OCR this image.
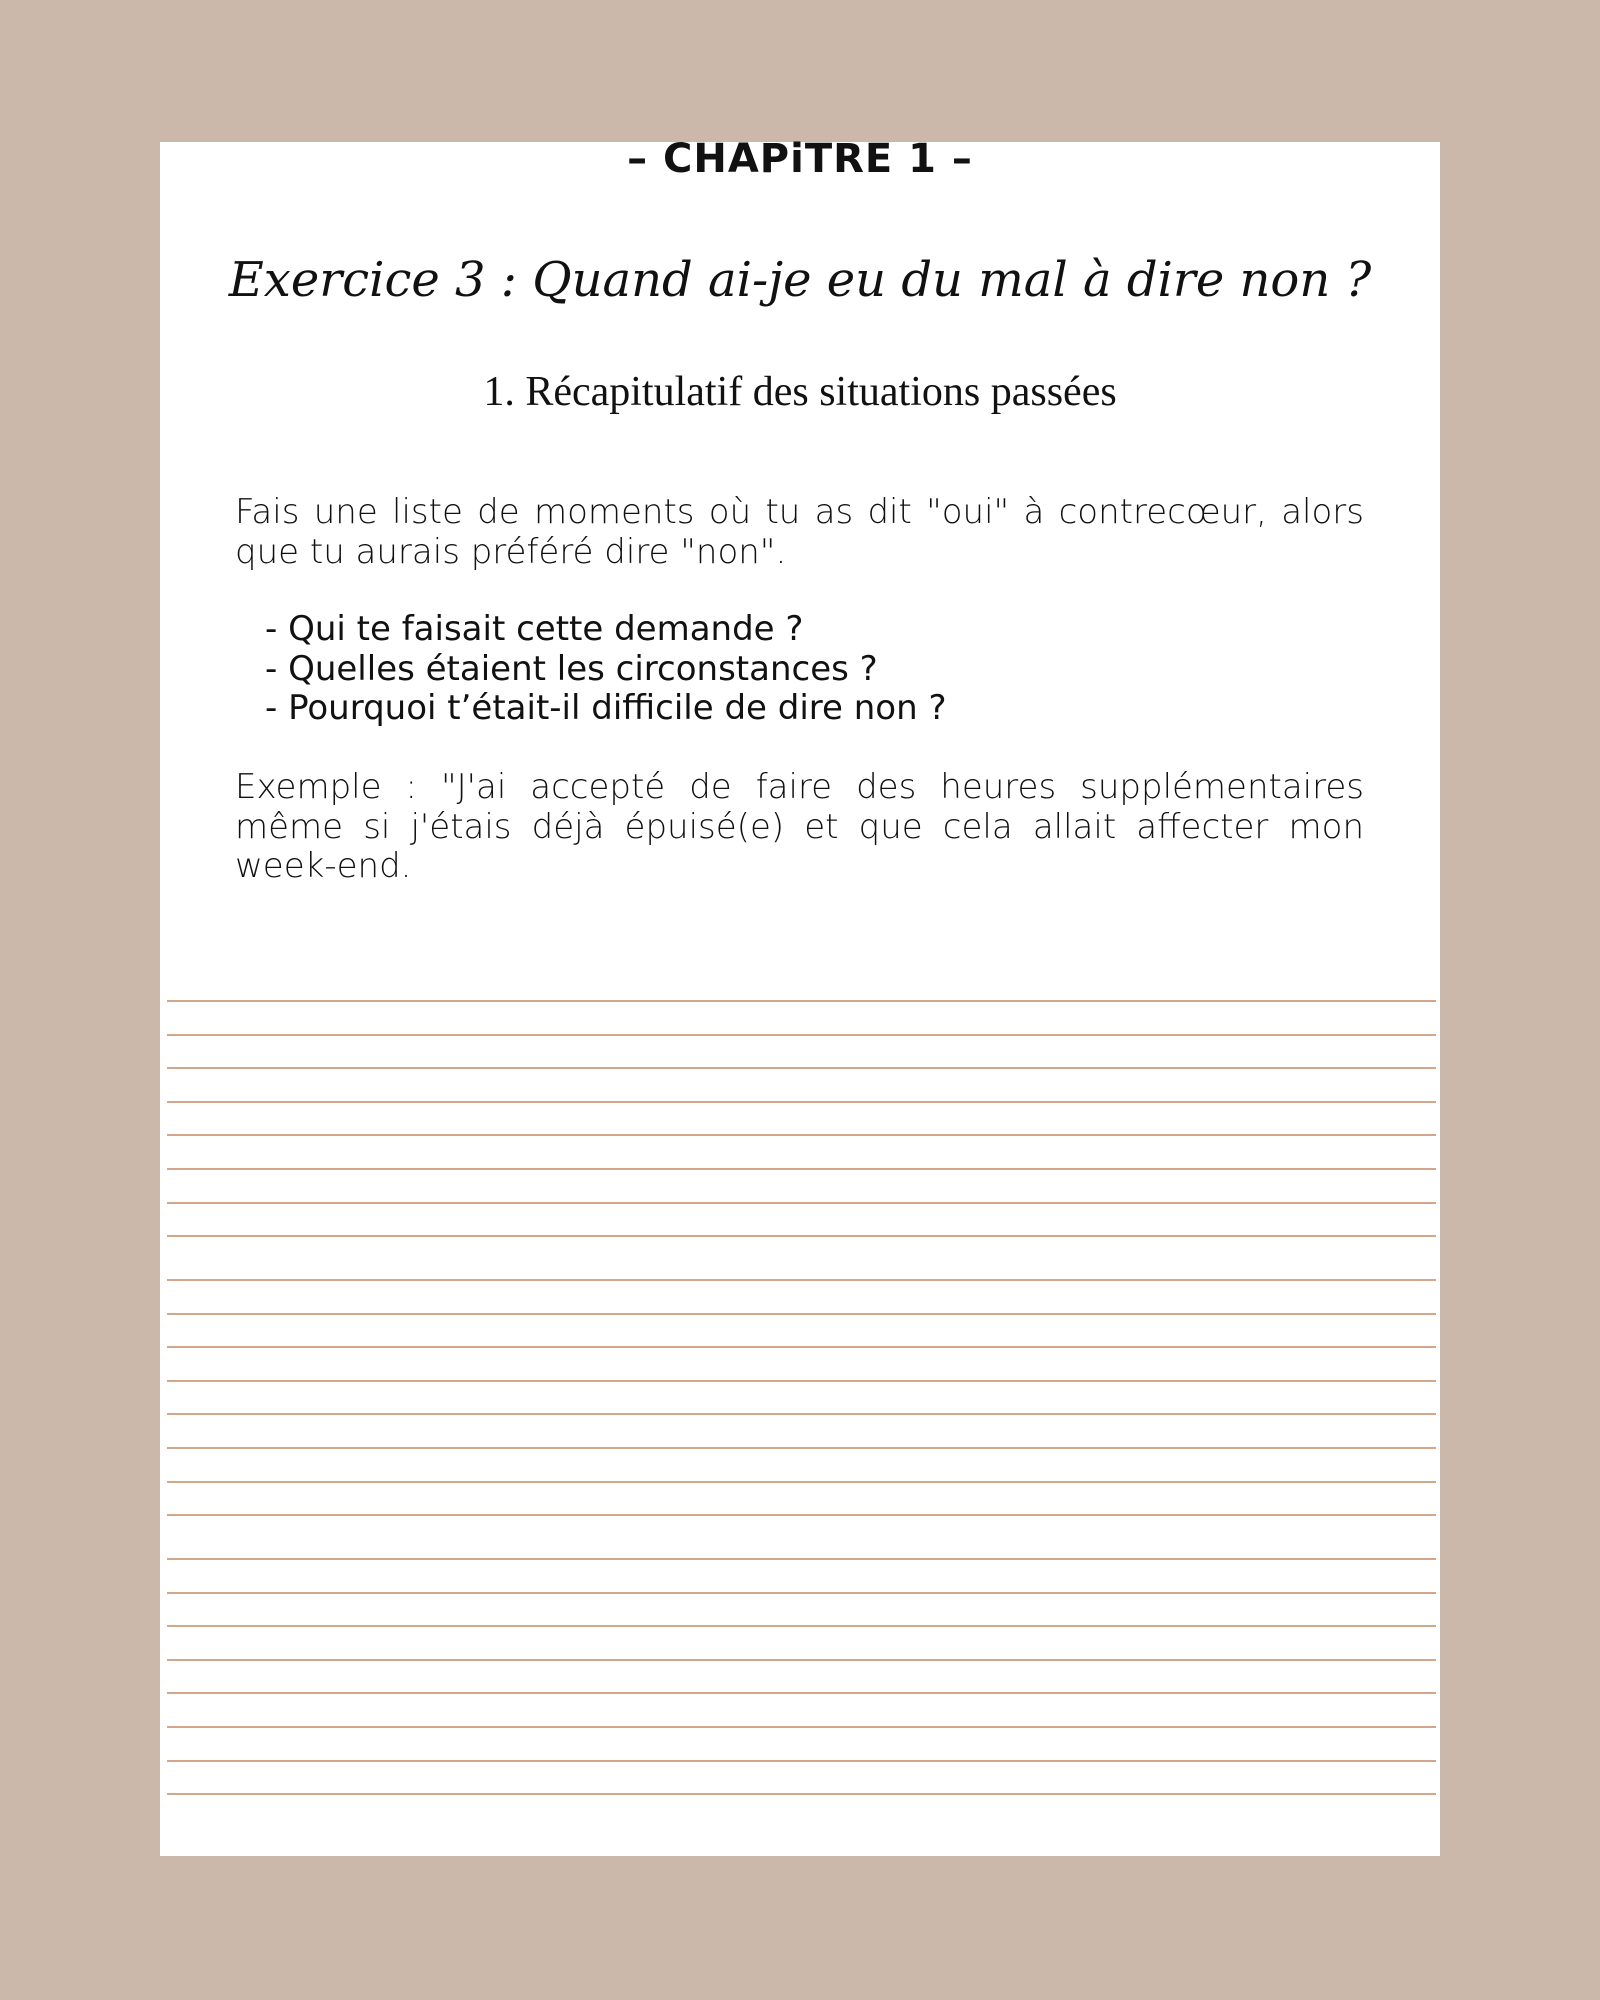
– CHAPiTRE 1 –
Exercice 3 : Quand ai-je eu du mal à dire non ?
1. Récapitulatif des situations passées
Fais une liste de moments où tu as dit "oui" à contrecœur, alors que tu aurais préféré dire "non".
- Qui te faisait cette demande ?
- Quelles étaient les circonstances ?
- Pourquoi t’était-il difficile de dire non ?
Exemple : "J'ai accepté de faire des heures supplémentaires même si j'étais déjà épuisé(e) et que cela allait affecter mon week-end.
